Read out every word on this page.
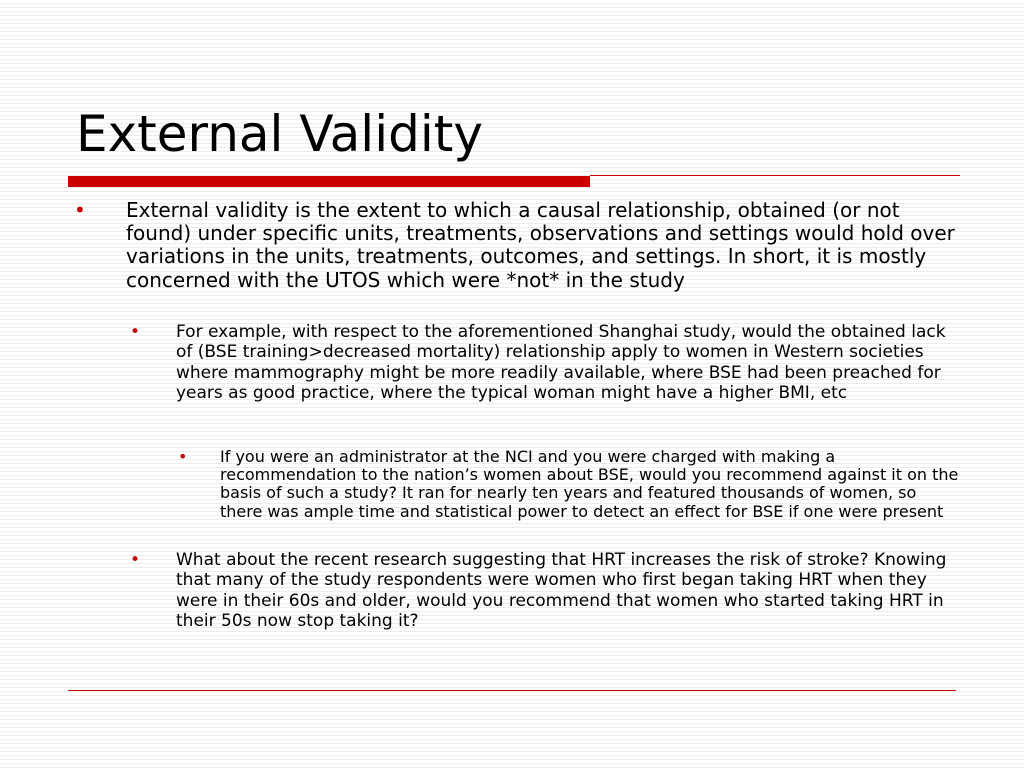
External Validity
• External validity is the extent to which a causal relationship, obtained (or not found) under specific units, treatments, observations and settings would hold over variations in the units, treatments, outcomes, and settings. In short, it is mostly concerned with the UTOS which were *not* in the study

• For example, with respect to the aforementioned Shanghai study, would the obtained lack of (BSE training>decreased mortality) relationship apply to women in Western societies where mammography might be more readily available, where BSE had been preached for years as good practice, where the typical woman might have a higher BMI, etc

• If you were an administrator at the NCI and you were charged with making a recommendation to the nation’s women about BSE, would you recommend against it on the basis of such a study? It ran for nearly ten years and featured thousands of women, so there was ample time and statistical power to detect an effect for BSE if one were present

• What about the recent research suggesting that HRT increases the risk of stroke? Knowing that many of the study respondents were women who first began taking HRT when they were in their 60s and older, would you recommend that women who started taking HRT in their 50s now stop taking it?
